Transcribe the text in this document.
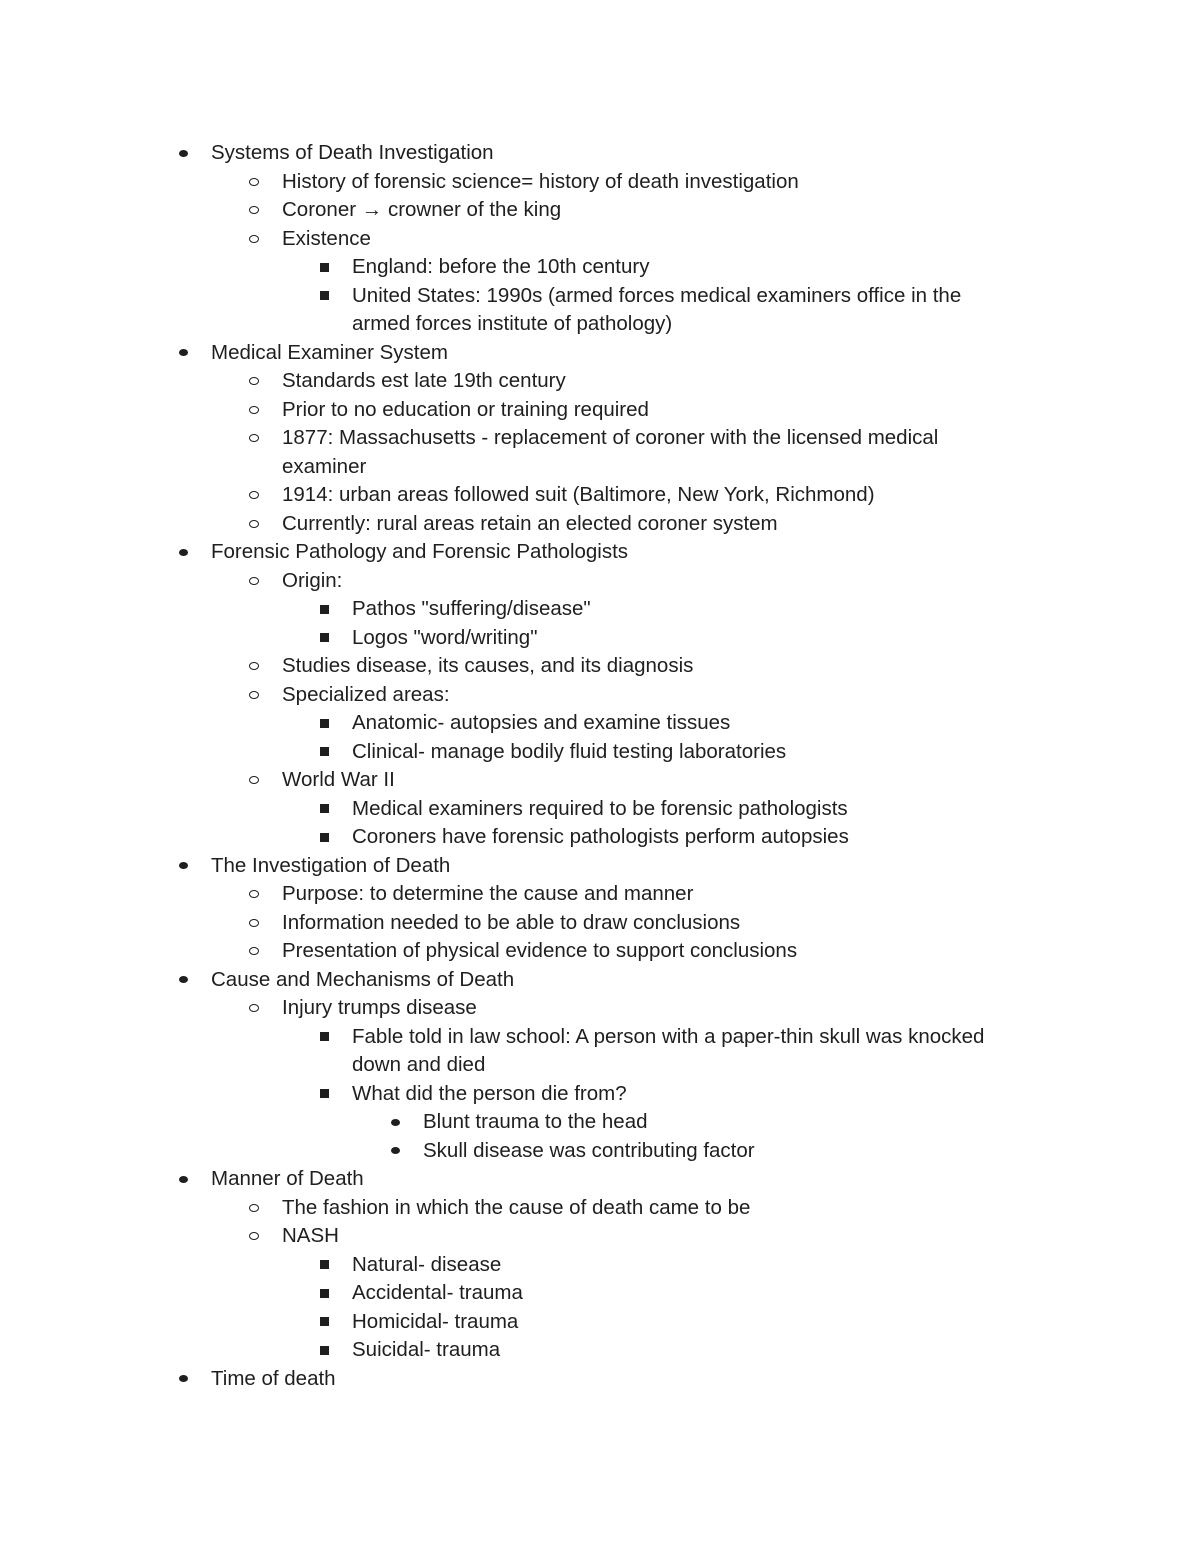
Systems of Death Investigation
History of forensic science= history of death investigation
Coroner → crowner of the king
Existence
England: before the 10th century
United States: 1990s (armed forces medical examiners office in the armed forces institute of pathology)
Medical Examiner System
Standards est late 19th century
Prior to no education or training required
1877: Massachusetts - replacement of coroner with the licensed medical examiner
1914: urban areas followed suit (Baltimore, New York, Richmond)
Currently: rural areas retain an elected coroner system
Forensic Pathology and Forensic Pathologists
Origin:
Pathos "suffering/disease"
Logos "word/writing"
Studies disease, its causes, and its diagnosis
Specialized areas:
Anatomic- autopsies and examine tissues
Clinical- manage bodily fluid testing laboratories
World War II
Medical examiners required to be forensic pathologists
Coroners have forensic pathologists perform autopsies
The Investigation of Death
Purpose: to determine the cause and manner
Information needed to be able to draw conclusions
Presentation of physical evidence to support conclusions
Cause and Mechanisms of Death
Injury trumps disease
Fable told in law school: A person with a paper-thin skull was knocked down and died
What did the person die from?
Blunt trauma to the head
Skull disease was contributing factor
Manner of Death
The fashion in which the cause of death came to be
NASH
Natural- disease
Accidental- trauma
Homicidal- trauma
Suicidal- trauma
Time of death
